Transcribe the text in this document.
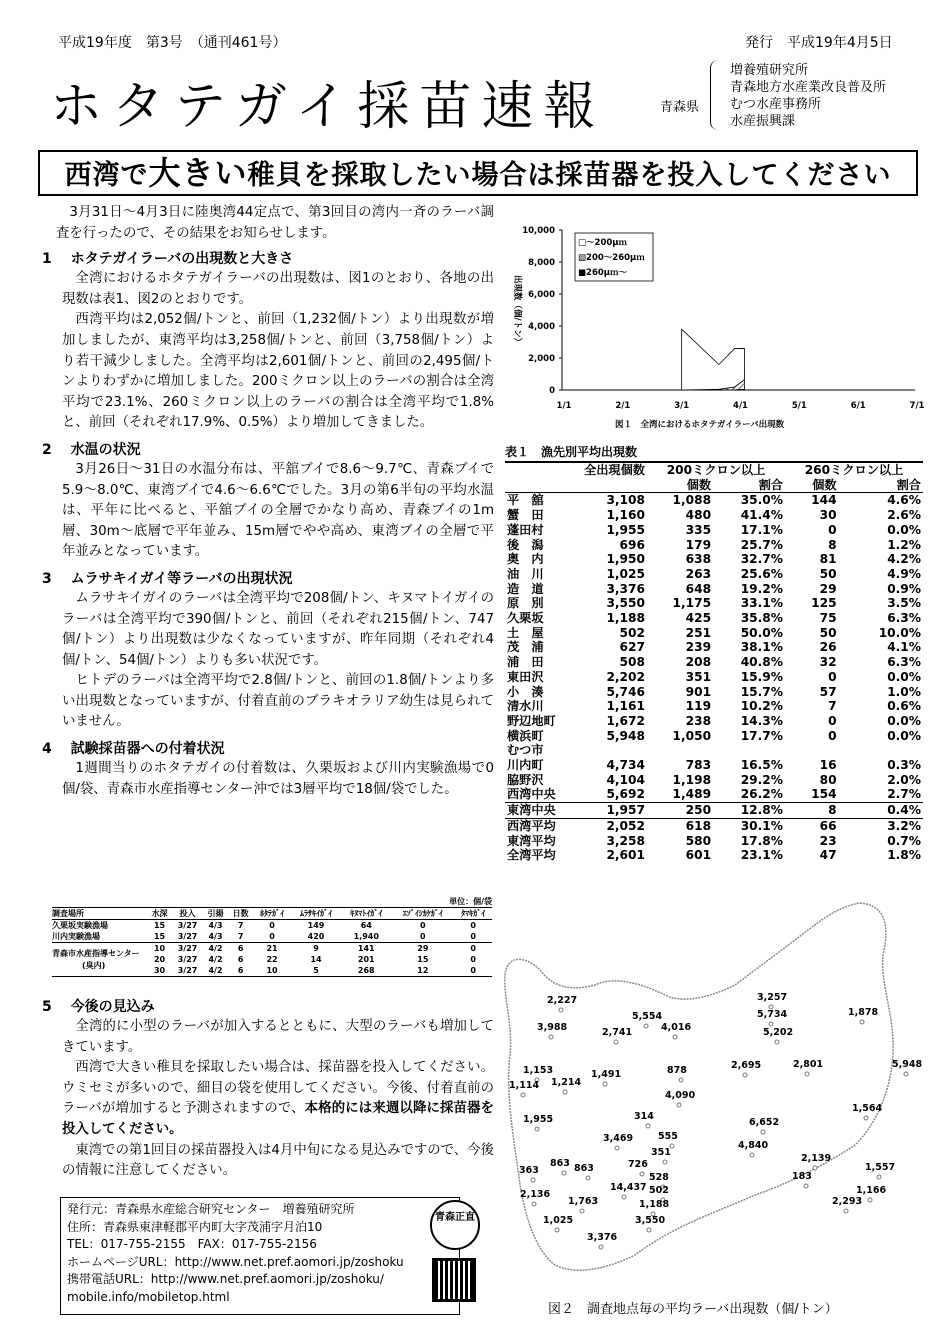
平成19年度　第3号　（通刊461号）	発行　平成19年4月5日
ホタテガイ採苗速報	青森県
増養殖研究所
青森地方水産業改良普及所
むつ水産事務所
水産振興課
西湾で大きい稚貝を採取したい場合は採苗器を投入してください
3月31日～4月3日に陸奥湾44定点で、第3回目の湾内一斉のラーバ調査を行ったので、その結果をお知らせします。
1　 ホタテガイラーバの出現数と大きさ
全湾におけるホタテガイラーバの出現数は、図1のとおり、各地の出現数は表1、図2のとおりです。
西湾平均は2,052個/トンと、前回（1,232個/トン）より出現数が増加しましたが、東湾平均は3,258個/トンと、前回（3,758個/トン）より若干減少しました。全湾平均は2,601個/トンと、前回の2,495個/トンよりわずかに増加しました。200ミクロン以上のラーバの割合は全湾平均で23.1%、260ミクロン以上のラーバの割合は全湾平均で1.8%と、前回（それぞれ17.9%、0.5%）より増加してきました。
2　 水温の状況
3月26日～31日の水温分布は、平舘ブイで8.6～9.7℃、青森ブイで5.9～8.0℃、東湾ブイで4.6～6.6℃でした。3月の第6半旬の平均水温は、平年に比べると、平舘ブイの全層でかなり高め、青森ブイの1m層、30m～底層で平年並み、15m層でやや高め、東湾ブイの全層で平年並みとなっています。
3　 ムラサキイガイ等ラーバの出現状況
ムラサキイガイのラーバは全湾平均で208個/トン、キヌマトイガイのラーバは全湾平均で390個/トンと、前回（それぞれ215個/トン、747個/トン）より出現数は少なくなっていますが、昨年同期（それぞれ4個/トン、54個/トン）よりも多い状況です。
ヒトデのラーバは全湾平均で2.8個/トンと、前回の1.8個/トンより多い出現数となっていますが、付着直前のブラキオラリア幼生は見られていません。
4　 試験採苗器への付着状況
1週間当りのホタテガイの付着数は、久栗坂および川内実験漁場で0個/袋、青森市水産指導センター沖では3層平均で18個/袋でした。
単位：個/袋
調査場所	水深	投入	引揚	日数	ﾎﾀﾃｶﾞｲ	ﾑﾗｻｷｲｶﾞｲ	ｷﾇﾏﾄｲｶﾞｲ	ｴｿﾞｲｼｶｹｶﾞｲ	ﾀﾏｷｶﾞｲ
久栗坂実験漁場	15	3/27	4/3	7	0	149	64	0	0
川内実験漁場	15	3/27	4/3	7	0	420	1,940	0	0
青森市水産指導センター
(臭内)	10	3/27	4/2	6	21	9	141	29	0
	20	3/27	4/2	6	22	14	201	15	0
	30	3/27	4/2	6	10	5	268	12	0
5　 今後の見込み
全湾的に小型のラーバが加入するとともに、大型のラーバも増加してきています。
西湾で大きい稚貝を採取したい場合は、採苗器を投入してください。ウミセミが多いので、細目の袋を使用してください。今後、付着直前のラーバが増加すると予測されますので、本格的には来週以降に採苗器を投入してください。
東湾での第1回目の採苗器投入は4月中旬になる見込みですので、今後の情報に注意してください。
発行元：青森県水産総合研究センター　増養殖研究所
住所：青森県東津軽郡平内町大字茂浦字月泊10
TEL：017-755-2155　FAX：017-755-2156
ホームページURL：http://www.net.pref.aomori.jp/zoshoku
携帯電話URL：http://www.net.pref.aomori.jp/zoshoku/
mobile.info/mobiletop.html
青森正直
10,000
8,000
6,000
4,000
2,000
0
1/1	2/1	3/1	4/1	5/1	6/1	7/1
出現数（個/トン）
□～200μｍ
▧200～260μｍ
■260μｍ～
図１　全湾におけるホタテガイラーバ出現数
表１　漁先別平均出現数
	全出現個数	200ミクロン以上		260ミクロン以上	
		個数	割合	個数	割合
平　舘	3,108	1,088	35.0%	144	4.6%
蟹　田	1,160	480	41.4%	30	2.6%
蓬田村	1,955	335	17.1%	0	0.0%
後　潟	696	179	25.7%	8	1.2%
奥　内	1,950	638	32.7%	81	4.2%
油　川	1,025	263	25.6%	50	4.9%
造　道	3,376	648	19.2%	29	0.9%
原　別	3,550	1,175	33.1%	125	3.5%
久栗坂	1,188	425	35.8%	75	6.3%
土　屋	502	251	50.0%	50	10.0%
茂　浦	627	239	38.1%	26	4.1%
浦　田	508	208	40.8%	32	6.3%
東田沢	2,202	351	15.9%	0	0.0%
小　湊	5,746	901	15.7%	57	1.0%
清水川	1,161	119	10.2%	7	0.6%
野辺地町	1,672	238	14.3%	0	0.0%
横浜町	5,948	1,050	17.7%	0	0.0%
むつ市					
川内町	4,734	783	16.5%	16	0.3%
脇野沢	4,104	1,198	29.2%	80	2.0%
西湾中央	5,692	1,489	26.2%	154	2.7%
東湾中央	1,957	250	12.8%	8	0.4%
西湾平均	2,052	618	30.1%	66	3.2%
東湾平均	3,258	580	17.8%	23	0.7%
全湾平均	2,601	601	23.1%	47	1.8%
2,227
3,988
5,554
2,741	4,016
3,257
5,734
5,202
1,878
1,153
1,114 1,214
1,491	878	2,695	2,801	5,948
4,090
1,955	314
6,652
1,564
3,469	555
4,840
351
363
863 863	726
528
2,139
183
1,557
2,136
14,437 502	1,166
1,763	1,188	2,293
1,025	3,550
3,376
図２　調査地点毎の平均ラーバ出現数（個/トン）
